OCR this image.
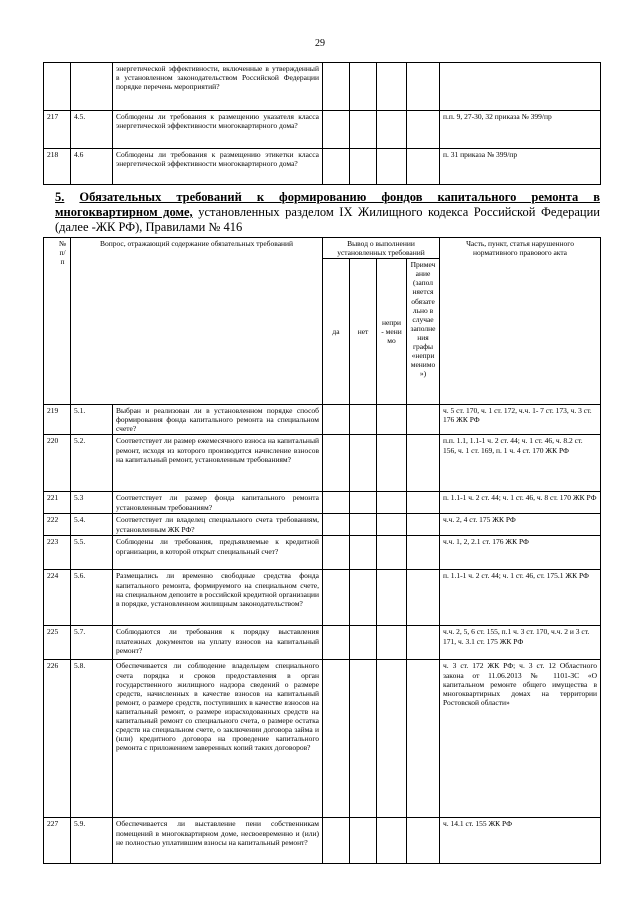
29
		энергетической эффективности, включенные в утвержденный в установленном законодательством Российской Федерации порядке перечень мероприятий?					
217	4.5.	Соблюдены ли требования к размещению указателя класса энергетической эффективности многоквартирного дома?					п.п. 9, 27-30, 32 приказа № 399/пр
218	4.6	Соблюдены ли требования к размещению этикетки класса энергетической эффективности многоквартирного дома?					п. 31 приказа № 399/пр
5. Обязательных требований к формированию фондов капитального ремонта в многоквартирном доме, установленных разделом IX Жилищного кодекса Российской Федерации (далее -ЖК РФ), Правилами № 416
№ п/п	Вопрос, отражающий содержание обязательных требований		Вывод о выполнении установленных требований				Часть, пункт, статья нарушенного нормативного правового акта
			да	нет	непри - мени мо	Примеч ание (запол няется обязате льно в случае заполне ния графы «непри менимо »)	
219	5.1.	Выбран и реализован ли в установленном порядке способ формирования фонда капитального ремонта на специальном счете?					ч. 5 ст. 170, ч. 1 ст. 172, ч.ч. 1- 7 ст. 173, ч. 3 ст. 176 ЖК РФ
220	5.2.	Соответствует ли размер ежемесячного взноса на капитальный ремонт, исходя из которого производится начисление взносов на капитальный ремонт, установленным требованиям?					п.п. 1.1, 1.1-1 ч. 2 ст. 44; ч. 1 ст. 46, ч. 8.2 ст. 156, ч. 1 ст. 169, п. 1 ч. 4 ст. 170 ЖК РФ
221	5.3	Соответствует ли размер фонда капитального ремонта установленным требованиям?					п. 1.1-1 ч. 2 ст. 44; ч. 1 ст. 46, ч. 8 ст. 170 ЖК РФ
222	5.4.	Соответствует ли владелец специального счета требованиям, установленным ЖК РФ?					ч.ч. 2, 4 ст. 175 ЖК РФ
223	5.5.	Соблюдены ли требования, предъявляемые к кредитной организации, в которой открыт специальный счет?					ч.ч. 1, 2, 2.1 ст. 176 ЖК РФ
224	5.6.	Размещались ли временно свободные средства фонда капитального ремонта, формируемого на специальном счете, на специальном депозите в российской кредитной организации в порядке, установленном жилищным законодательством?					п. 1.1-1 ч. 2 ст. 44; ч. 1 ст. 46, ст. 175.1 ЖК РФ
225	5.7.	Соблюдаются ли требования к порядку выставления платежных документов на уплату взносов на капитальный ремонт?					ч.ч. 2, 5, 6 ст. 155, п.1 ч. 3 ст. 170, ч.ч. 2 и 3 ст. 171, ч. 3.1 ст. 175 ЖК РФ
226	5.8.	Обеспечивается ли соблюдение владельцем специального счета порядка и сроков предоставления в орган государственного жилищного надзора сведений о размере средств, начисленных в качестве взносов на капитальный ремонт, о размере средств, поступивших в качестве взносов на капитальный ремонт, о размере израсходованных средств на капитальный ремонт со специального счета, о размере остатка средств на специальном счете, о заключении договора займа и (или) кредитного договора на проведение капитального ремонта с приложением заверенных копий таких договоров?					ч. 3 ст. 172 ЖК РФ; ч. 3 ст. 12 Областного закона от 11.06.2013 № 1101-ЗС «О капитальном ремонте общего имущества в многоквартирных домах на территории Ростовской области»
227	5.9.	Обеспечивается ли выставление пени собственникам помещений в многоквартирном доме, несвоевременно и (или) не полностью уплатившим взносы на капитальный ремонт?					ч. 14.1 ст. 155 ЖК РФ
